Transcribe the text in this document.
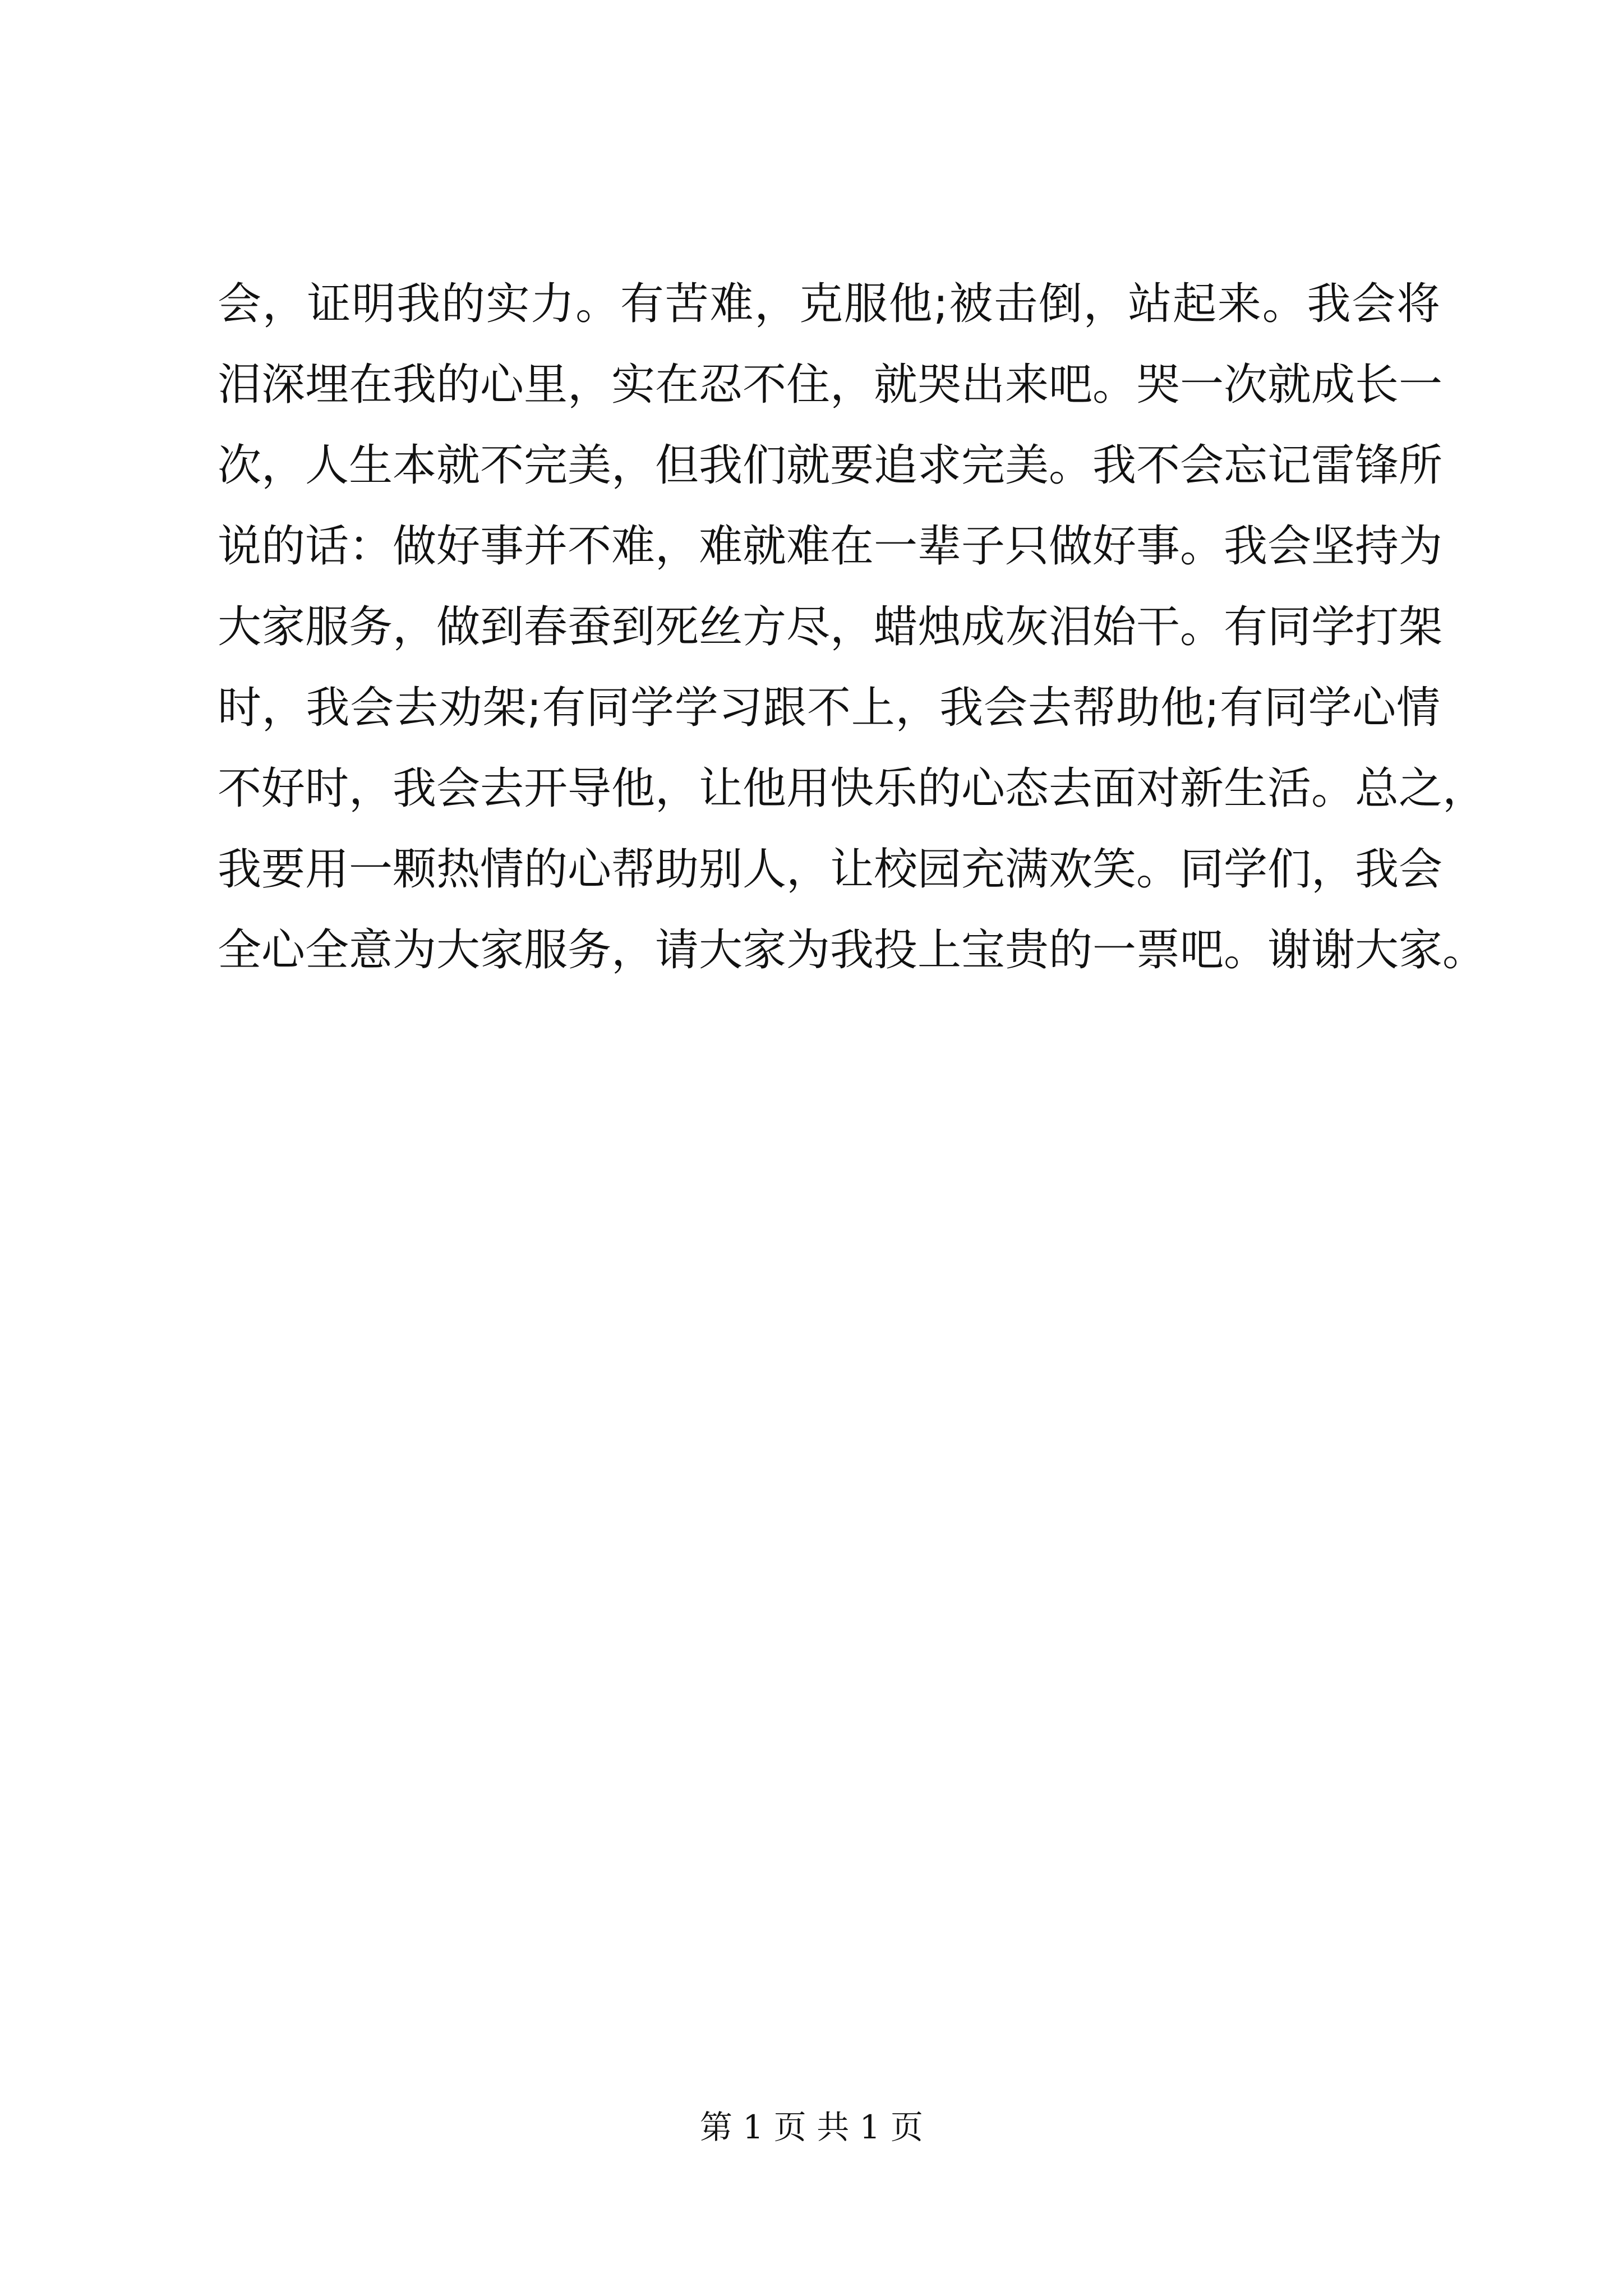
会，证明我的实力。有苦难，克服他;被击倒，站起来。我会将
泪深埋在我的心里，实在忍不住，就哭出来吧。哭一次就成长一
次，人生本就不完美，但我们就要追求完美。我不会忘记雷锋所
说的话：做好事并不难，难就难在一辈子只做好事。我会坚持为
大家服务，做到春蚕到死丝方尽，蜡烛成灰泪始干。有同学打架
时，我会去劝架;有同学学习跟不上，我会去帮助他;有同学心情
不好时，我会去开导他，让他用快乐的心态去面对新生活。总之，
我要用一颗热情的心帮助别人，让校园充满欢笑。同学们，我会
全心全意为大家服务，请大家为我投上宝贵的一票吧。谢谢大家。
第 1 页 共 1 页
